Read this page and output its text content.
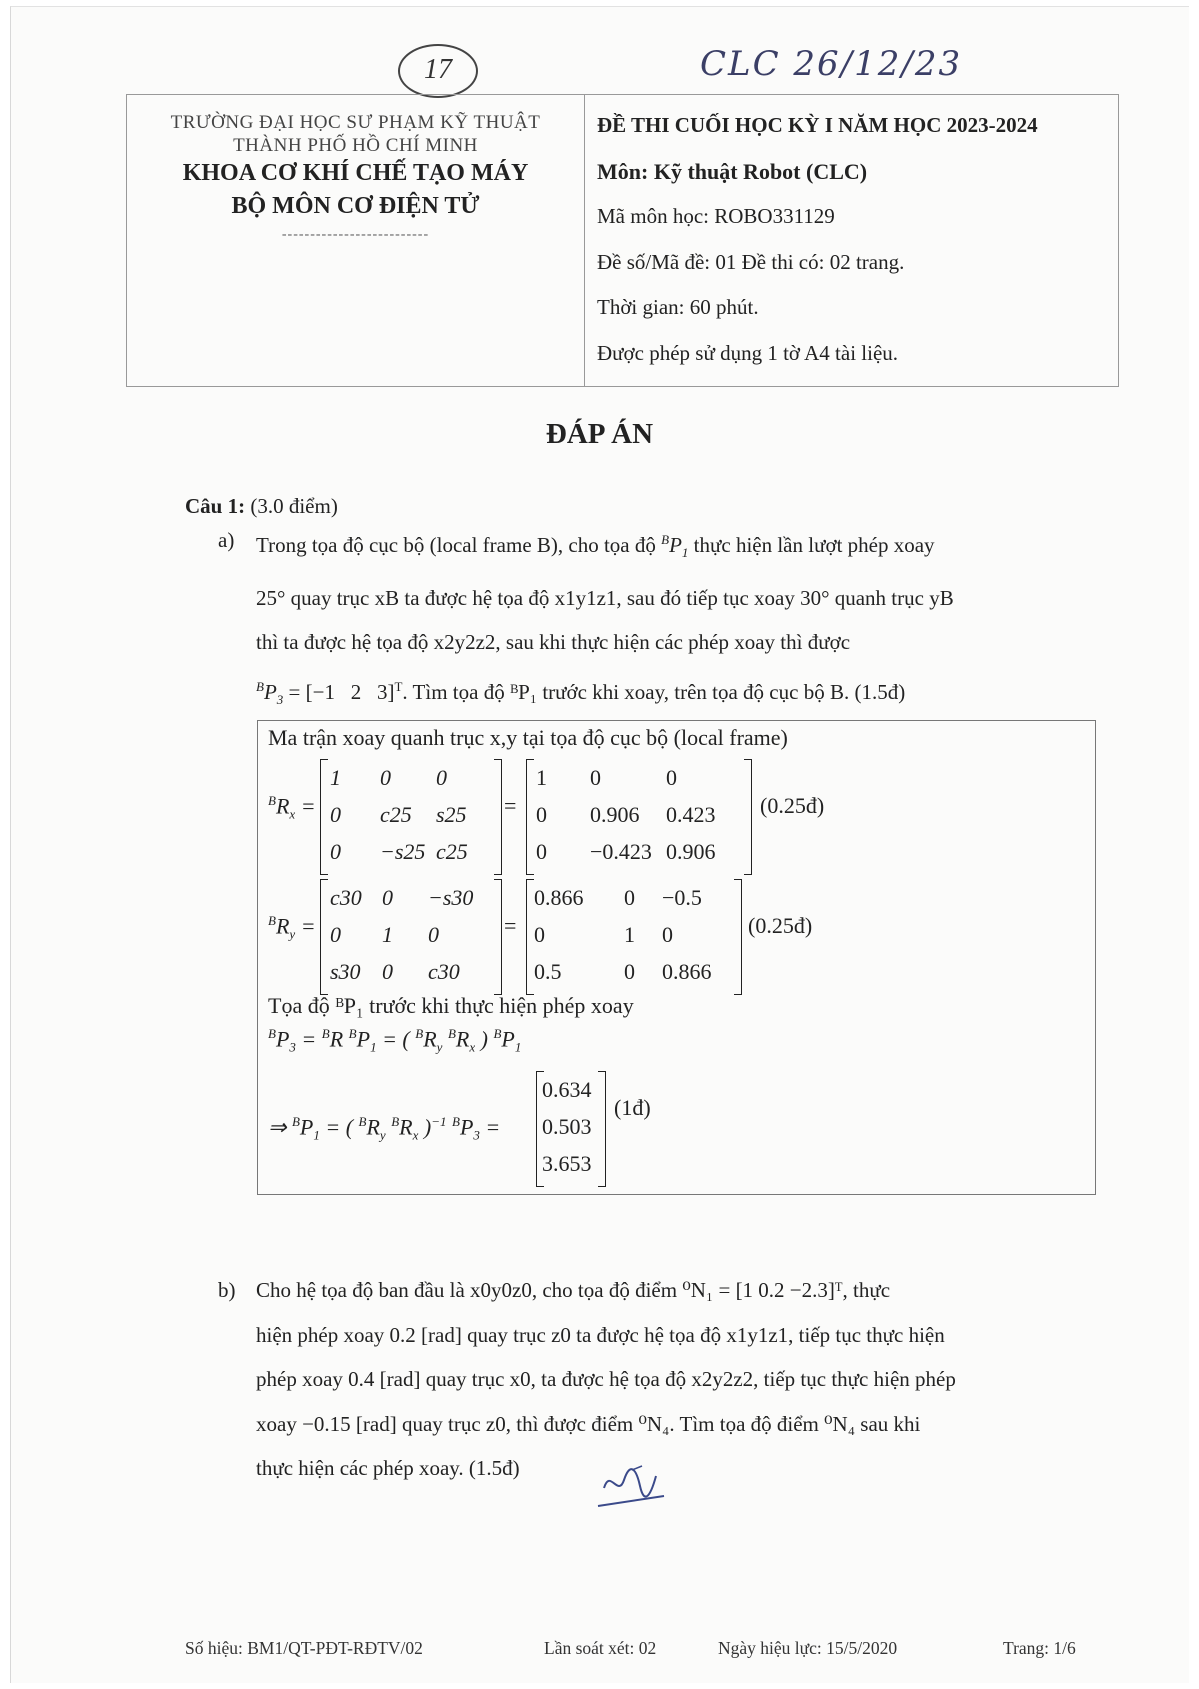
17	CLC 26/12/23
TRƯỜNG ĐẠI HỌC SƯ PHẠM KỸ THUẬT
THÀNH PHỐ HỒ CHÍ MINH
KHOA CƠ KHÍ CHẾ TẠO MÁY
BỘ MÔN CƠ ĐIỆN TỬ
--------------------------

ĐỀ THI CUỐI HỌC KỲ I NĂM HỌC 2023-2024
Môn: Kỹ thuật Robot (CLC)
Mã môn học: ROBO331129
Đề số/Mã đề: 01 Đề thi có: 02 trang.
Thời gian: 60 phút.
Được phép sử dụng 1 tờ A4 tài liệu.
ĐÁP ÁN
Câu 1: (3.0 điểm)
a) Trong tọa độ cục bộ (local frame B), cho tọa độ $^BP_1$ thực hiện lần lượt phép xoay
25° quay trục xB ta được hệ tọa độ x1y1z1, sau đó tiếp tục xoay 30° quanh trục yB
thì ta được hệ tọa độ x2y2z2, sau khi thực hiện các phép xoay thì được
$^BP_3 = [-1$   2   3]$^T$. Tìm tọa độ ᴮP₁ trước khi xoay, trên tọa độ cục bộ B. (1.5đ)
Ma trận xoay quanh trục x,y tại tọa độ cục bộ (local frame)
$^BR_x$ =
1 0 0
0 c25 s25
0 −s25 c25
=
1 0	0
0 0.906 0.423
0 −0.423 0.906
(0.25đ)
$^BR_y$ =
c30 0 −s30
0 1 0
s30 0 c30
=
0.866 0 −0.5
0	1 0
0.5	0 0.866
(0.25đ)
Tọa độ ᴮP₁ trước khi thực hiện phép xoay
$^BP_3 = ^BR$ $^BP_1$ = ( $^BR_y$ $^BR_x$ ) $^BP_1$
⇒ $^BP_1$ = ( $^BR_y$ $^BR_x$ )$^{-1}$ $^BP_3$ =
0.634
0.503
3.653
(1đ)
b) Cho hệ tọa độ ban đầu là x0y0z0, cho tọa độ điểm ⁰N₁ = [1 0.2 −2.3]ᵀ, thực
hiện phép xoay 0.2 [rad] quay trục z0 ta được hệ tọa độ x1y1z1, tiếp tục thực hiện
phép xoay 0.4 [rad] quay trục x0, ta được hệ tọa độ x2y2z2, tiếp tục thực hiện phép
xoay −0.15 [rad] quay trục z0, thì được điểm ⁰N₄. Tìm tọa độ điểm ⁰N₄ sau khi
thực hiện các phép xoay. (1.5đ)
Số hiệu: BM1/QT-PĐT-RĐTV/02	Lần soát xét: 02	Ngày hiệu lực: 15/5/2020	Trang: 1/6
